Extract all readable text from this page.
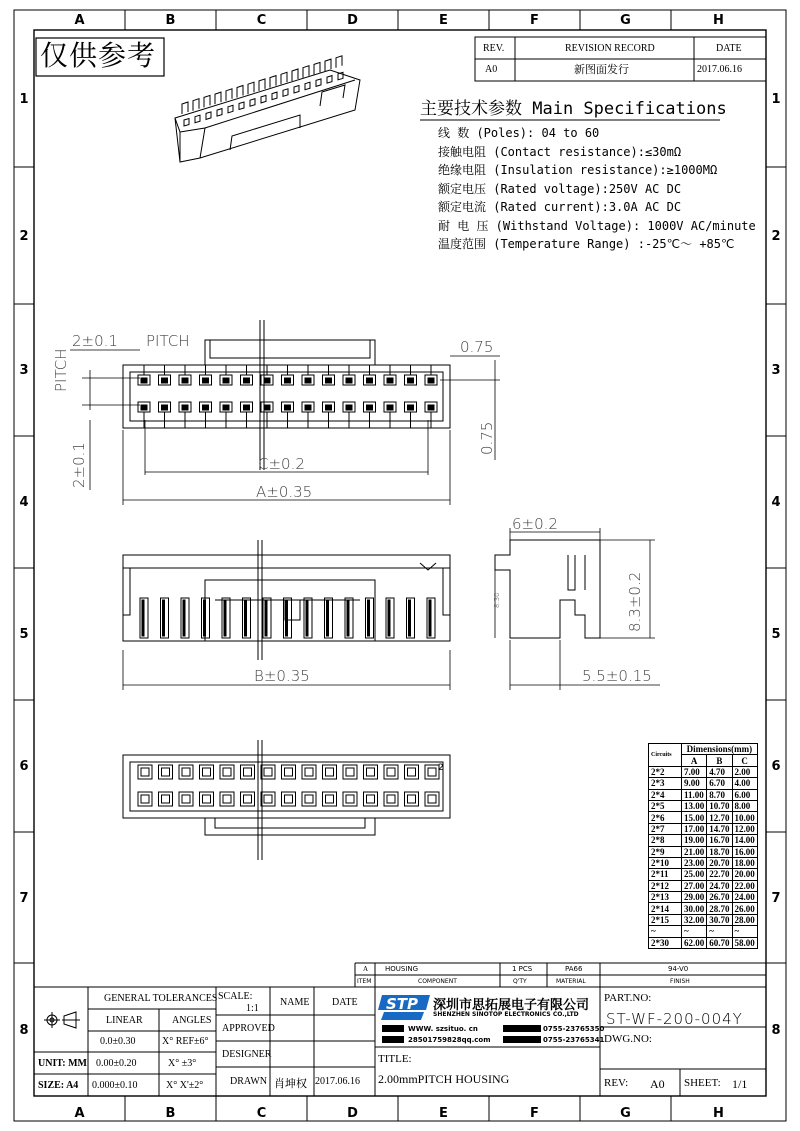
STP
A
A
B
B
C
C
D
D
E
E
F
F
G
G
H
H
1	1
2	2
3	3
4	4
5	5
6	6
7	7
8	8
仅供参考	REV.	REVISION RECORD	DATE
A0	新图面发行	2017.06.16
主要技术参数 Main Specifications
线 数 (Poles): 04 to 60
接触电阻 (Contact resistance):≤30mΩ
绝缘电阻 (Insulation resistance):≥1000MΩ
额定电压 (Rated voltage):250V AC DC
额定电流 (Rated current):3.0A AC DC
耐 电 压 (Withstand Voltage): 1000V AC/minute
温度范围 (Temperature Range) :-25℃～ +85℃
2±0.1 PITCH
PITCH
0.75
0.75
2±0.1	C±0.2
A±0.35
6±0.2
8.30	8.3±0.2
B±0.35	5.5±0.15
2
Circuits	Dimensions(mm)		
	A	B	C
2*2	7.00	4.70	2.00
2*3	9.00	6.70	4.00
2*4	11.00	8.70	6.00
2*5	13.00	10.70	8.00
2*6	15.00	12.70	10.00
2*7	17.00	14.70	12.00
2*8	19.00	16.70	14.00
2*9	21.00	18.70	16.00
2*10	23.00	20.70	18.00
2*11	25.00	22.70	20.00
2*12	27.00	24.70	22.00
2*13	29.00	26.70	24.00
2*14	30.00	28.70	26.00
2*15	32.00	30.70	28.00
~	~	~	~
2*30	62.00	60.70	58.00
A HOUSING	1 PCS	PA66	94-V0
ITEM	COMPONENT	Q'TY	MATERIAL	FINISH
GENERAL TOLERANCES
LINEAR	ANGLES
0.0±0.30	X° REF±6°
UNIT: MM 0.00±0.20	X° ±3°
SIZE: A4 0.000±0.10	X° X'±2°
SCALE:
1:1
NAME DATE
APPROVED
DESIGNER
DRAWN 肖坤权 2017.06.16
深圳市思拓展电子有限公司
SHENZHEN SINOTOP ELECTRONICS CO.,LTD
WWW. szsituo. cn	0755-23765350
28501759828qq.com	0755-23765341
TITLE:
2.00mmPITCH HOUSING
PART.NO:
ST-WF-200-004Y
DWG.NO:
REV: A0 SHEET: 1/1
